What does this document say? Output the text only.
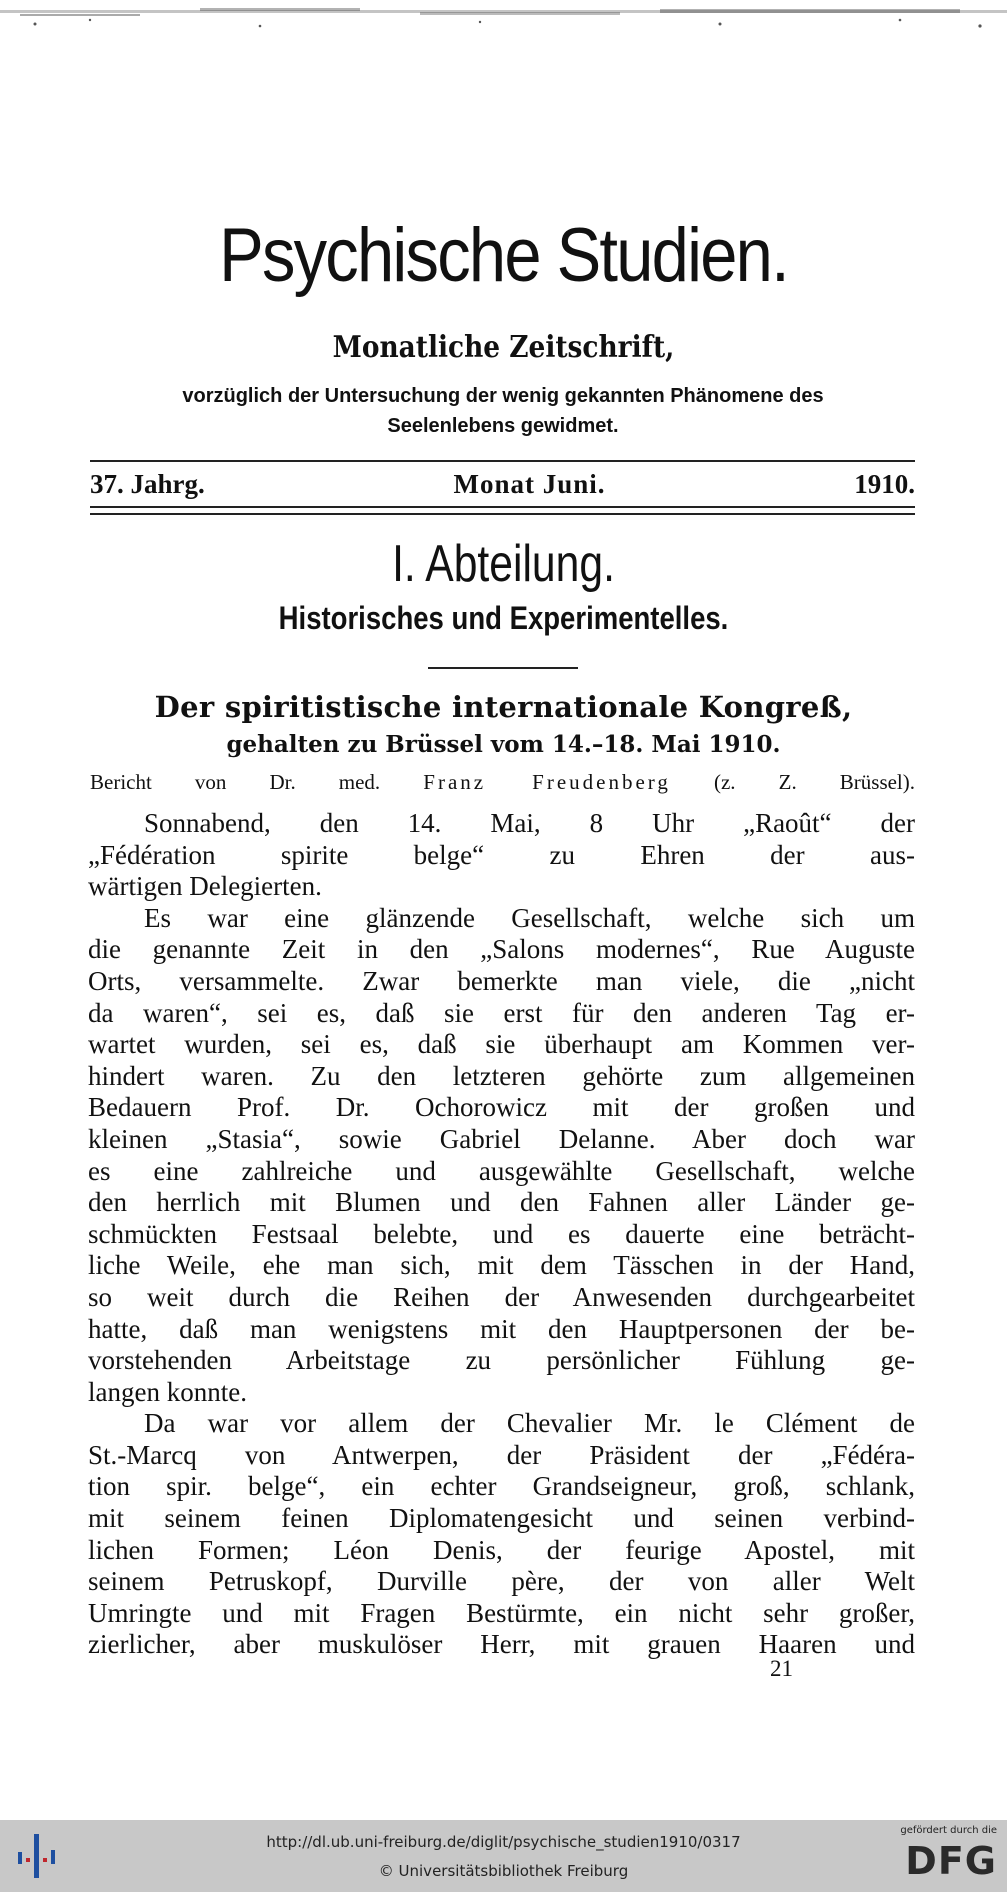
Psychische Studien.
Monatliche Zeitschrift,
vorzüglich der Untersuchung der wenig gekannten Phänomene des
Seelenlebens gewidmet.
37. Jahrg.	Monat Juni.	1910.
I. Abteilung.
Historisches und Experimentelles.
Der spiritistische internationale Kongreß,
gehalten zu Brüssel vom 14.–18. Mai 1910.
Bericht von Dr. med. Franz Freudenberg (z. Z. Brüssel).
Sonnabend, den 14. Mai, 8 Uhr „Raoût“ der
„Fédération spirite belge“ zu Ehren der aus-
wärtigen Delegierten.
Es war eine glänzende Gesellschaft, welche sich um
die genannte Zeit in den „Salons modernes“, Rue Auguste
Orts, versammelte. Zwar bemerkte man viele, die „nicht
da waren“, sei es, daß sie erst für den anderen Tag er-
wartet wurden, sei es, daß sie überhaupt am Kommen ver-
hindert waren. Zu den letzteren gehörte zum allgemeinen
Bedauern Prof. Dr. Ochorowicz mit der großen und
kleinen „Stasia“, sowie Gabriel Delanne. Aber doch war
es eine zahlreiche und ausgewählte Gesellschaft, welche
den herrlich mit Blumen und den Fahnen aller Länder ge-
schmückten Festsaal belebte, und es dauerte eine beträcht-
liche Weile, ehe man sich, mit dem Tässchen in der Hand,
so weit durch die Reihen der Anwesenden durchgearbeitet
hatte, daß man wenigstens mit den Hauptpersonen der be-
vorstehenden Arbeitstage zu persönlicher Fühlung ge-
langen konnte.
Da war vor allem der Chevalier Mr. le Clément de
St.-Marcq von Antwerpen, der Präsident der „Fédéra-
tion spir. belge“, ein echter Grandseigneur, groß, schlank,
mit seinem feinen Diplomatengesicht und seinen verbind-
lichen Formen; Léon Denis, der feurige Apostel, mit
seinem Petruskopf, Durville père, der von aller Welt
Umringte und mit Fragen Bestürmte, ein nicht sehr großer,
zierlicher, aber muskulöser Herr, mit grauen Haaren und
21
http://dl.ub.uni-freiburg.de/diglit/psychische_studien1910/0317
© Universitätsbibliothek Freiburg
gefördert durch die
DFG
